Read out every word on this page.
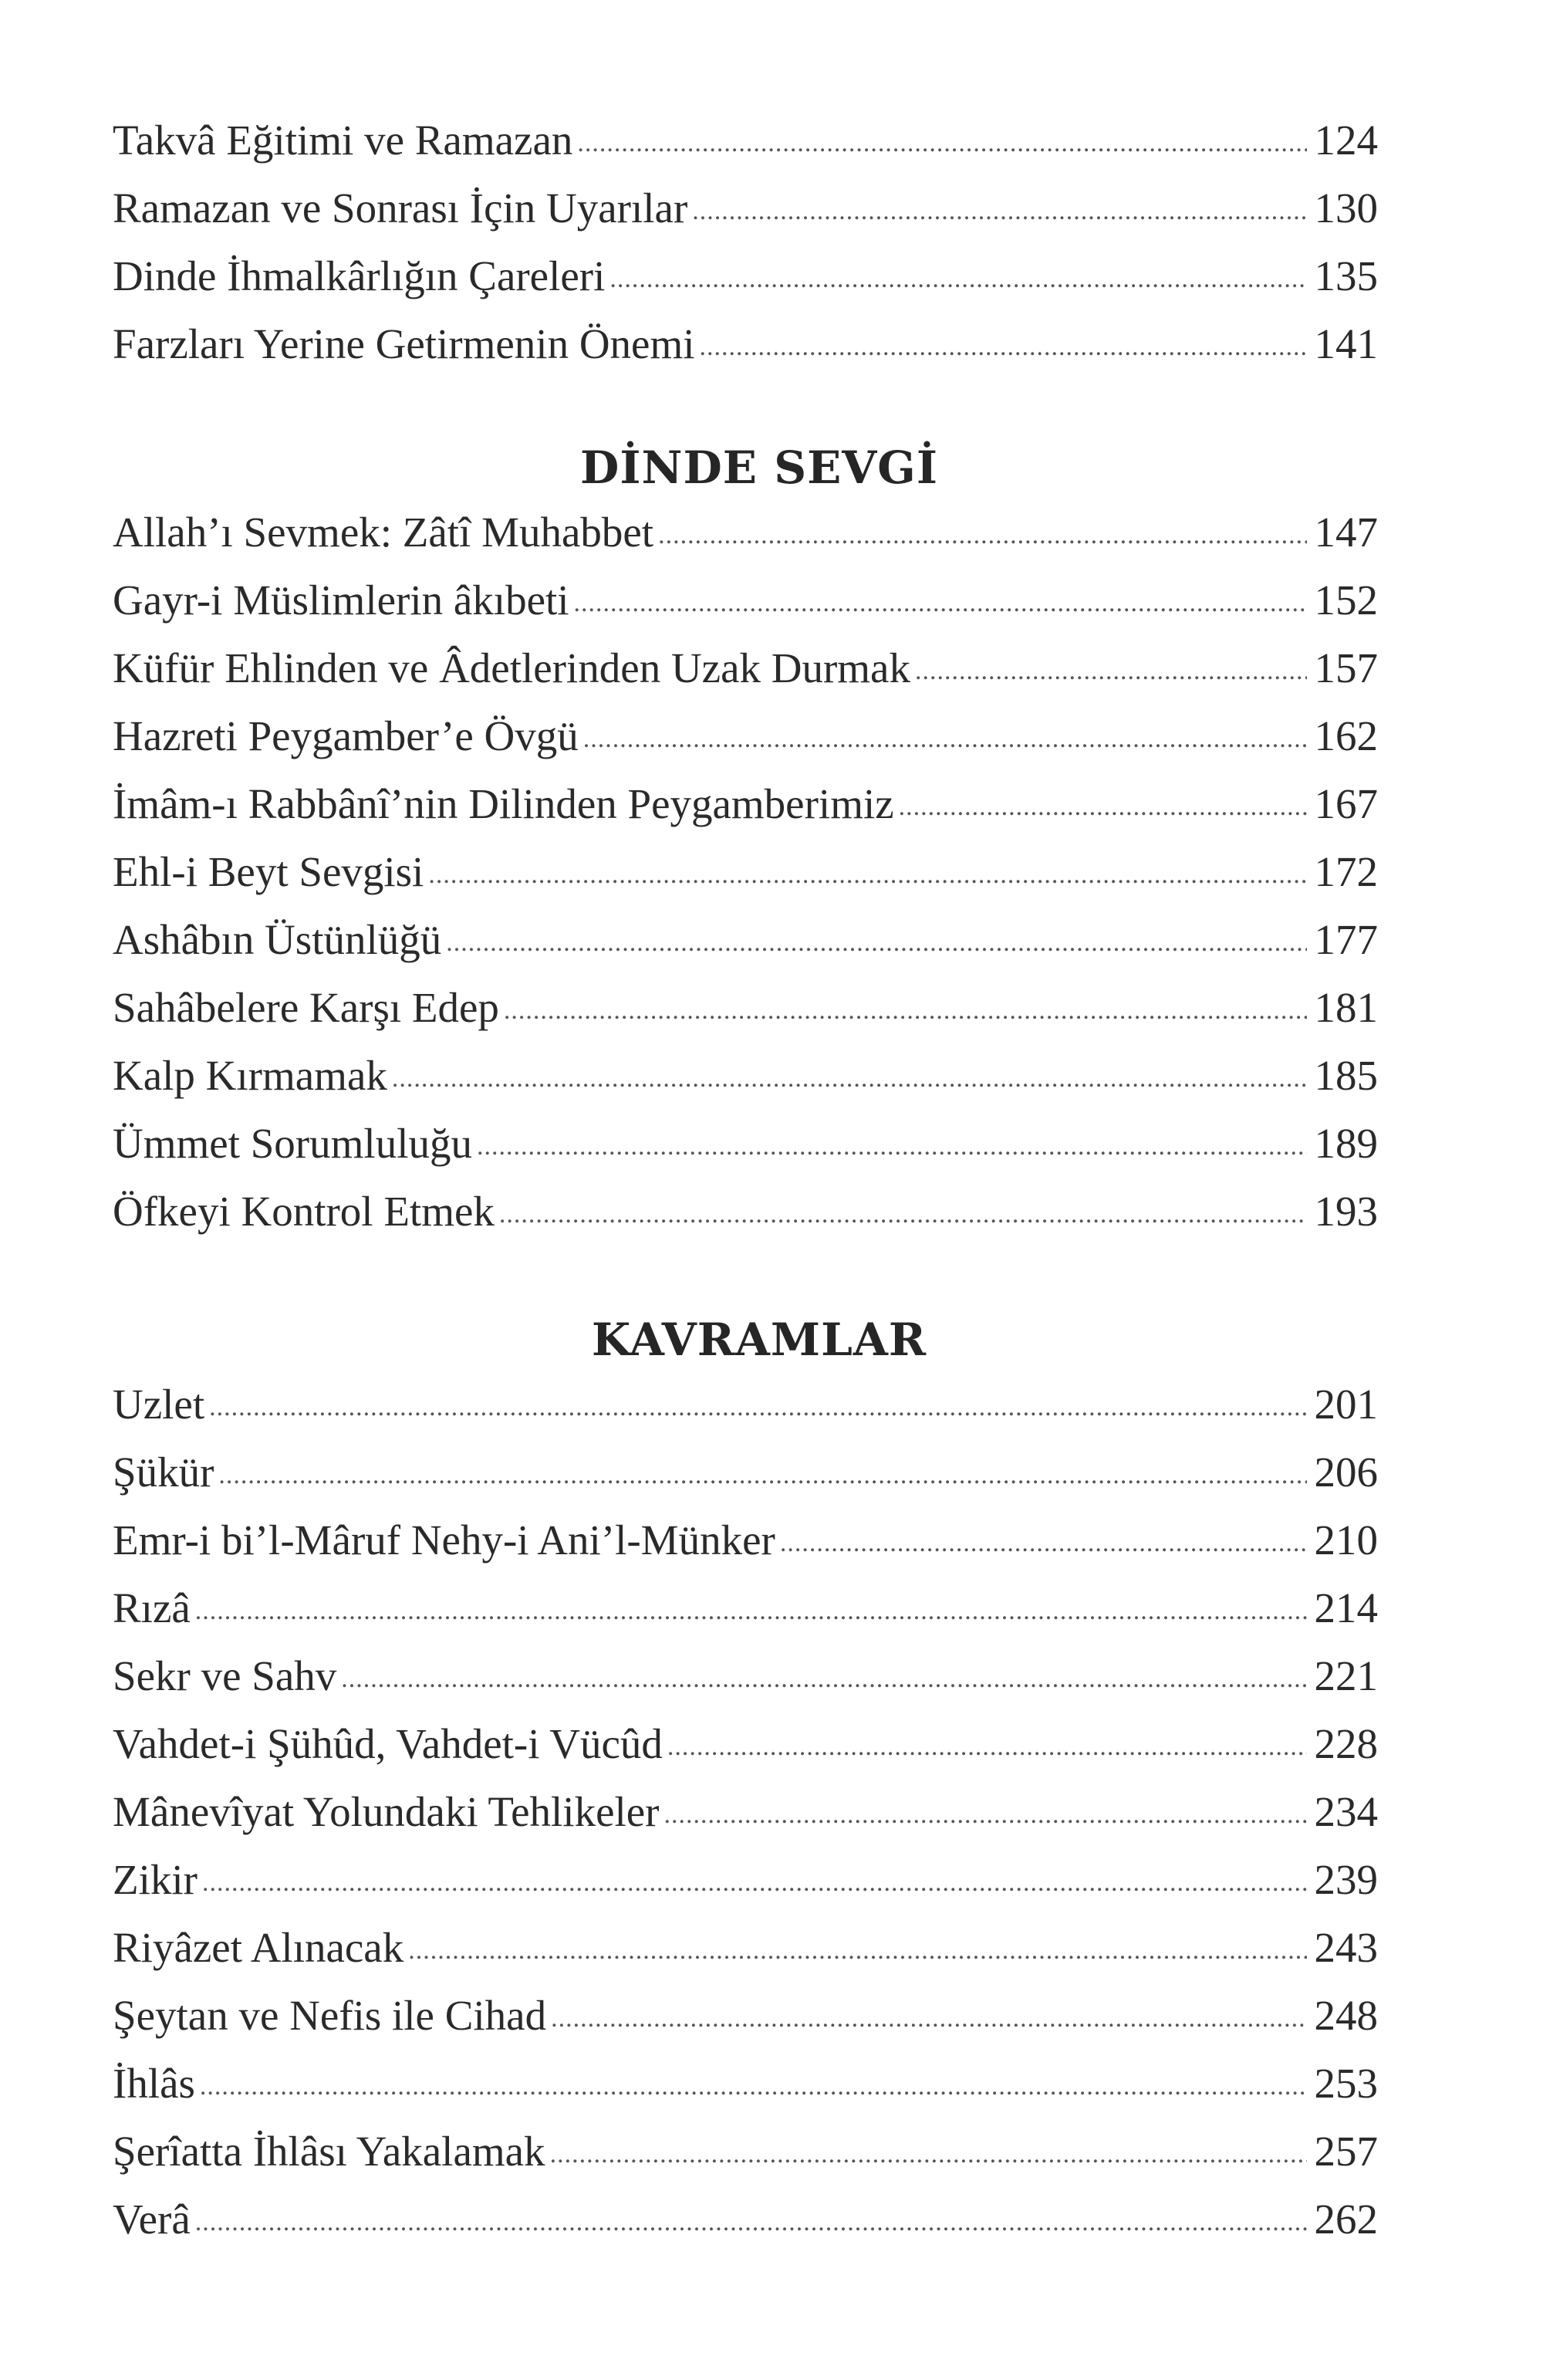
Takvâ Eğitimi ve Ramazan .....	124
Ramazan ve Sonrası İçin Uyarılar .....	130
Dinde İhmalkârlığın Çareleri .....	135
Farzları Yerine Getirmenin Önemi .....	141
DİNDE SEVGİ
Allah’ı Sevmek: Zâtî Muhabbet .....	147
Gayr-i Müslimlerin âkıbeti .....	152
Küfür Ehlinden ve Âdetlerinden Uzak Durmak .....	157
Hazreti Peygamber’e Övgü .....	162
İmâm-ı Rabbânî’nin Dilinden Peygamberimiz .....	167
Ehl-i Beyt Sevgisi .....	172
Ashâbın Üstünlüğü .....	177
Sahâbelere Karşı Edep .....	181
Kalp Kırmamak .....	185
Ümmet Sorumluluğu .....	189
Öfkeyi Kontrol Etmek .....	193
KAVRAMLAR
Uzlet .....	201
Şükür .....	206
Emr-i bi’l-Mâruf Nehy-i Ani’l-Münker .....	210
Rızâ .....	214
Sekr ve Sahv .....	221
Vahdet-i Şühûd, Vahdet-i Vücûd .....	228
Mânevîyat Yolundaki Tehlikeler .....	234
Zikir .....	239
Riyâzet Alınacak .....	243
Şeytan ve Nefis ile Cihad .....	248
İhlâs .....	253
Şerîatta İhlâsı Yakalamak .....	257
Verâ .....	262
